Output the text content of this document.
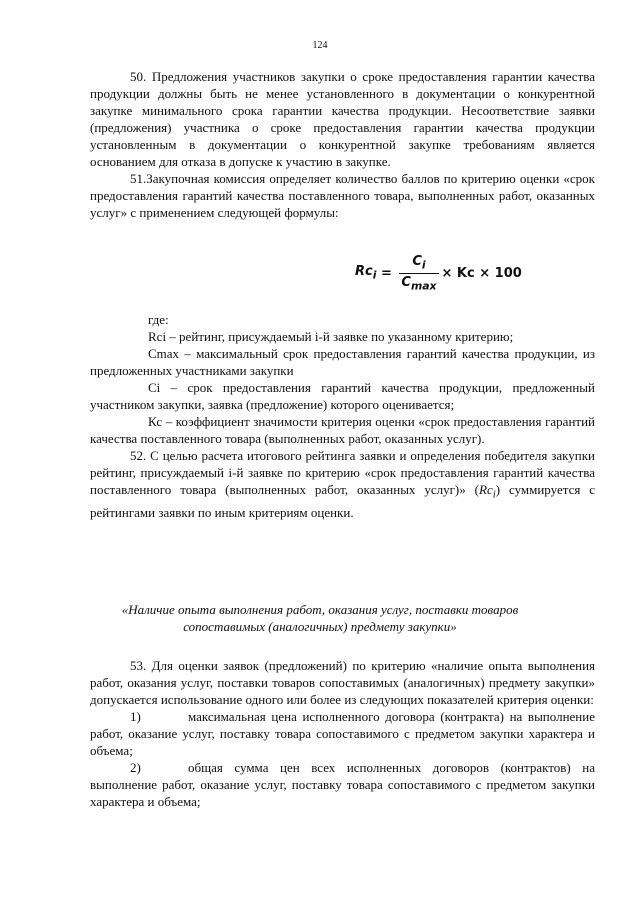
124

50. Предложения участников закупки о сроке предоставления гарантии качества продукции должны быть не менее установленного в документации о конкурентной закупке минимального срока гарантии качества продукции. Несоответствие заявки (предложения) участника о сроке предоставления гарантии качества продукции установленным в документации о конкурентной закупке требованиям является основанием для отказа в допуске к участию в закупке.

51.Закупочная комиссия определяет количество баллов по критерию оценки «срок предоставления гарантий качества поставленного товара, выполненных работ, оказанных услуг» с применением следующей формулы:

$Rc_i = \frac{C_i}{C_{max}} \times Kc \times 100$

где:

Rci – рейтинг, присуждаемый i-й заявке по указанному критерию;

Cmax – максимальный срок предоставления гарантий качества продукции, из предложенных участниками закупки

Ci – срок предоставления гарантий качества продукции, предложенный участником закупки, заявка (предложение) которого оценивается;

Кс – коэффициент значимости критерия оценки «срок предоставления гарантий качества поставленного товара (выполненных работ, оказанных услуг).

52. С целью расчета итогового рейтинга заявки и определения победителя закупки рейтинг, присуждаемый i-й заявке по критерию «срок предоставления гарантий качества поставленного товара (выполненных работ, оказанных услуг)» $(Rc_i)$ суммируется с рейтингами заявки по иным критериям оценки.

«Наличие опыта выполнения работ, оказания услуг, поставки товаров
сопоставимых (аналогичных) предмету закупки»

53. Для оценки заявок (предложений) по критерию «наличие опыта выполнения работ, оказания услуг, поставки товаров сопоставимых (аналогичных) предмету закупки» допускается использование одного или более из следующих показателей критерия оценки:

1)	максимальная цена исполненного договора (контракта) на выполнение работ, оказание услуг, поставку товара сопоставимого с предметом закупки характера и объема;

2)	общая сумма цен всех исполненных договоров (контрактов) на выполнение работ, оказание услуг, поставку товара сопоставимого с предметом закупки характера и объема;
